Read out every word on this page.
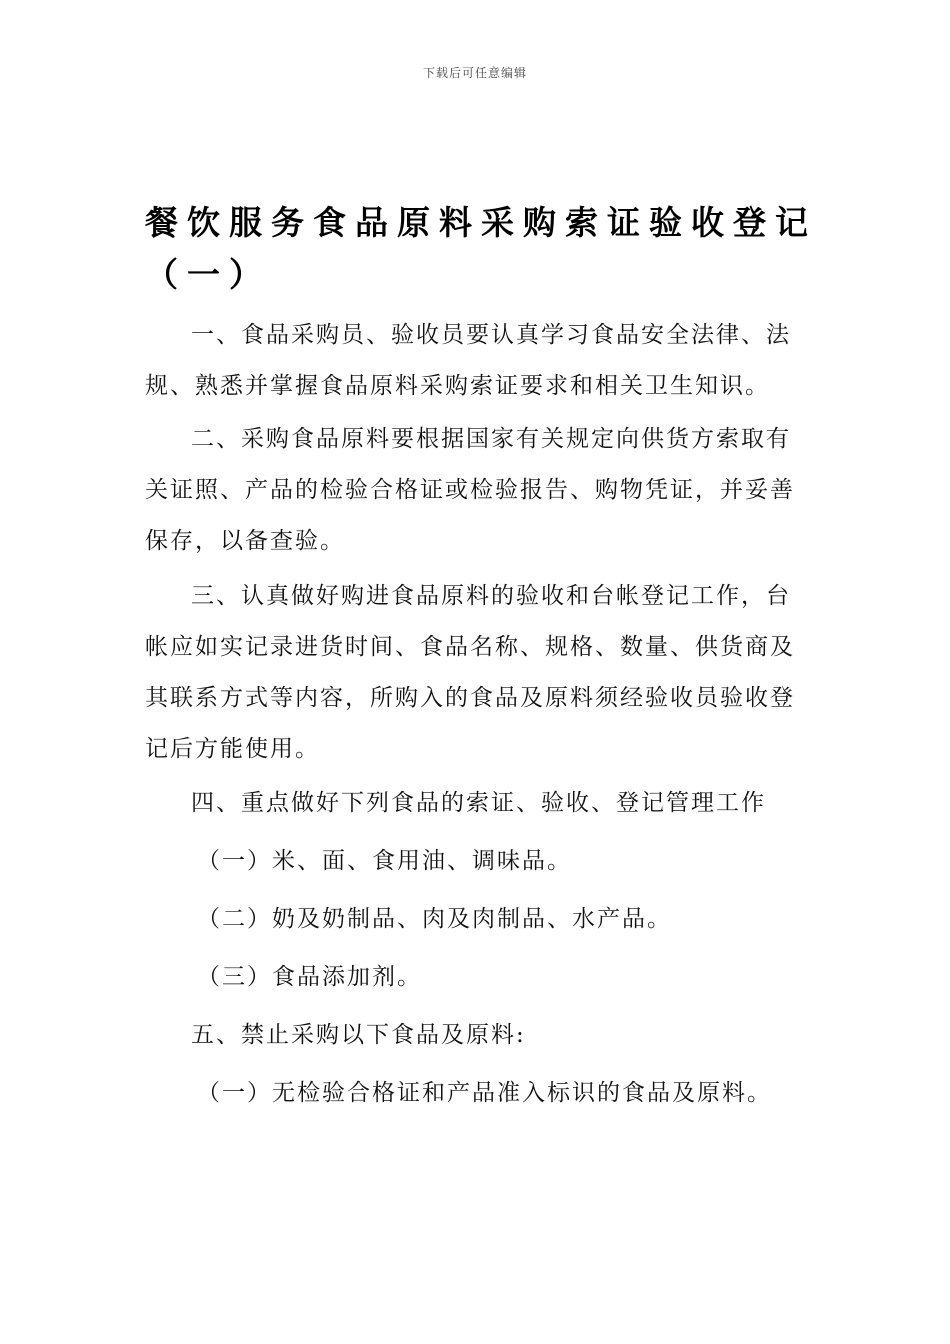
下载后可任意编辑
餐饮服务食品原料采购索证验收登记（一）

一、食品采购员、验收员要认真学习食品安全法律、法规、熟悉并掌握食品原料采购索证要求和相关卫生知识。

二、采购食品原料要根据国家有关规定向供货方索取有关证照、产品的检验合格证或检验报告、购物凭证，并妥善保存，以备查验。

三、认真做好购进食品原料的验收和台帐登记工作，台帐应如实记录进货时间、食品名称、规格、数量、供货商及其联系方式等内容，所购入的食品及原料须经验收员验收登记后方能使用。

四、重点做好下列食品的索证、验收、登记管理工作

（一）米、面、食用油、调味品。

（二）奶及奶制品、肉及肉制品、水产品。

（三）食品添加剂。

五、禁止采购以下食品及原料:

（一）无检验合格证和产品准入标识的食品及原料。
